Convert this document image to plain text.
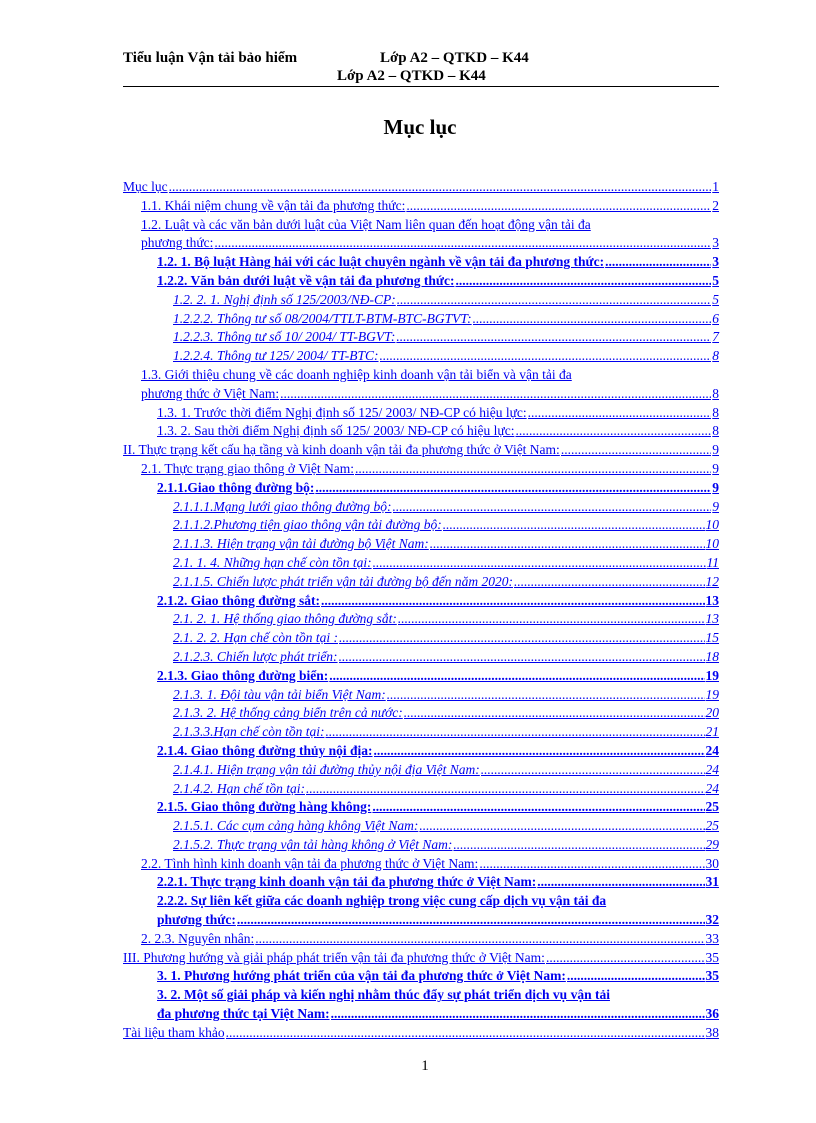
Tiểu luận Vận tải bảo hiểm	Lớp A2 – QTKD – K44
Lớp A2 – QTKD – K44
Mục lục
Mục lục .....	1
1.1. Khái niệm chung về vận tải đa phương thức: .....	2
1.2. Luật và các văn bản dưới luật của Việt Nam liên quan đến hoạt động vận tải đa
phương thức: .....	3
1.2. 1. Bộ luật Hàng hải với các luật chuyên ngành về vận tải đa phương thức: .....	3
1.2.2. Văn bản dưới luật về vận tải đa phương thức: .....	5
1.2. 2. 1. Nghị định số 125/2003/NĐ-CP: .....	5
1.2.2.2. Thông tư số 08/2004/TTLT-BTM-BTC-BGTVT: .....	6
1.2.2.3. Thông tư số 10/ 2004/ TT-BGVT: .....	7
1.2.2.4. Thông tư 125/ 2004/ TT-BTC: .....	8
1.3. Giới thiệu chung về các doanh nghiệp kinh doanh vận tải biển và vận tải đa
phương thức ở Việt Nam: .....	8
1.3. 1. Trước thời điểm Nghị định số 125/ 2003/ NĐ-CP có hiệu lực: .....	8
1.3. 2. Sau thời điểm Nghị định số 125/ 2003/ NĐ-CP có hiệu lực: .....	8
II. Thực trạng kết cấu hạ tầng và kinh doanh vận tải đa phương thức ở Việt Nam: .....	9
2.1. Thực trạng giao thông ở Việt Nam: .....	9
2.1.1.Giao thông đường bộ: .....	9
2.1.1.1.Mạng lưới giao thông đường bộ: .....	9
2.1.1.2.Phương tiện giao thông vận tải đường bộ: .....	10
2.1.1.3. Hiện trạng vận tải đường bộ Việt Nam: .....	10
2.1. 1. 4. Những hạn chế còn tồn tại: .....	11
2.1.1.5. Chiến lược phát triển vận tải đường bộ đến năm 2020: .....	12
2.1.2. Giao thông đường sắt: .....	13
2.1. 2. 1. Hệ thống giao thông đường sắt: .....	13
2.1. 2. 2. Hạn chế còn tồn tại : .....	15
2.1.2.3. Chiến lược phát triển: .....	18
2.1.3. Giao thông đường biển: .....	19
2.1.3. 1. Đội tàu vận tải biển Việt Nam: .....	19
2.1.3. 2. Hệ thống cảng biển trên cả nước: .....	20
2.1.3.3.Hạn chế còn tồn tại: .....	21
2.1.4. Giao thông đường thủy nội địa: .....	24
2.1.4.1. Hiện trạng vận tải đường thủy nội địa Việt Nam: .....	24
2.1.4.2. Hạn chế tồn tại: .....	24
2.1.5. Giao thông đường hàng không: .....	25
2.1.5.1. Các cụm cảng hàng không Việt Nam: .....	25
2.1.5.2. Thực trạng vận tải hàng không ở Việt Nam: .....	29
2.2. Tình hình kinh doanh vận tải đa phương thức ở Việt Nam: .....	30
2.2.1. Thực trạng kinh doanh vận tải đa phương thức ở Việt Nam: .....	31
2.2.2. Sự liên kết giữa các doanh nghiệp trong việc cung cấp dịch vụ vận tải đa
phương thức: .....	32
2. 2.3. Nguyên nhân: .....	33
III. Phương hướng và giải pháp phát triển vận tải đa phương thức ở Việt Nam: .....	35
3. 1. Phương hướng phát triển của vận tải đa phương thức ở Việt Nam: .....	35
3. 2. Một số giải pháp và kiến nghị nhằm thúc đẩy sự phát triển dịch vụ vận tải
đa phương thức tại Việt Nam: .....	36
Tài liệu tham khảo .....	38
1
